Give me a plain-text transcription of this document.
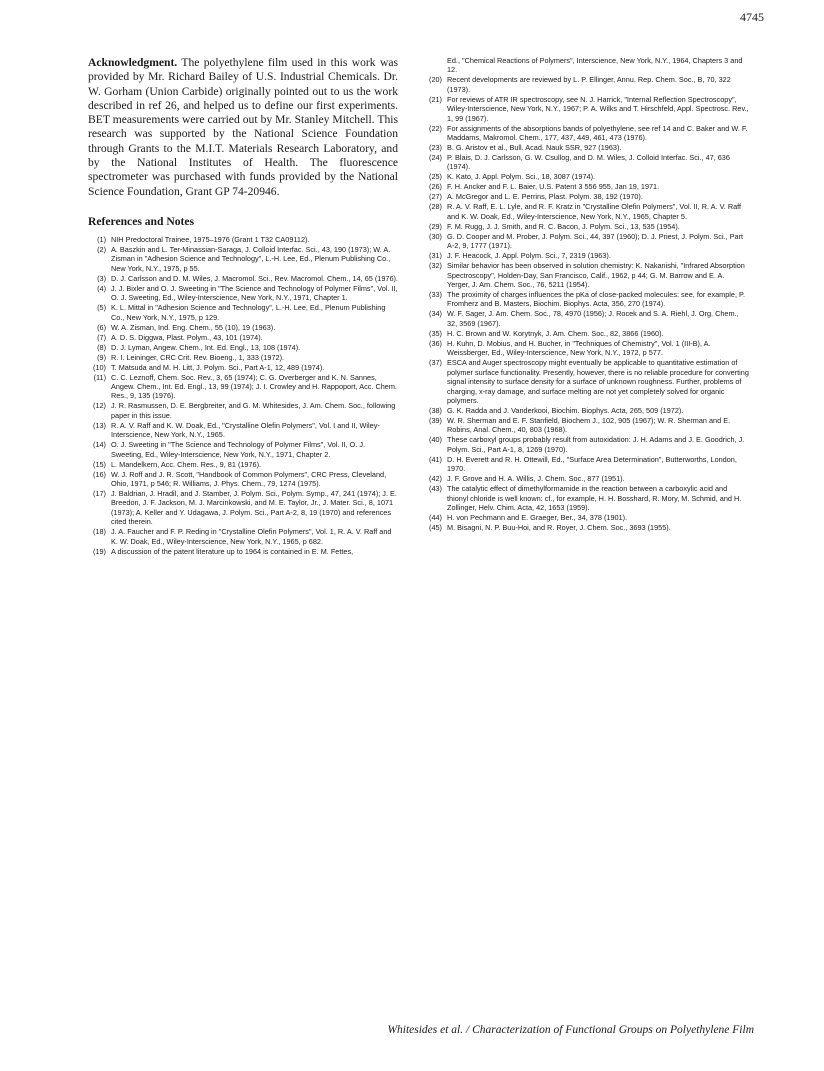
4745

Acknowledgment. The polyethylene film used in this work was provided by Mr. Richard Bailey of U.S. Industrial Chemicals. Dr. W. Gorham (Union Carbide) originally pointed out to us the work described in ref 26, and helped us to define our first experiments. BET measurements were carried out by Mr. Stanley Mitchell. This research was supported by the National Science Foundation through Grants to the M.I.T. Materials Research Laboratory, and by the National Institutes of Health. The fluorescence spectrometer was purchased with funds provided by the National Science Foundation, Grant GP 74-20946.

References and Notes
(1) NIH Predoctoral Trainee, 1975–1976 (Grant 1 T32 CA09112).
(2) A. Baszkin and L. Ter-Minassian-Saraga, J. Colloid Interfac. Sci., 43, 190 (1973); W. A. Zisman in "Adhesion Science and Technology", L.-H. Lee, Ed., Plenum Publishing Co., New York, N.Y., 1975, p 55.
(3) D. J. Carlsson and D. M. Wiles, J. Macromol. Sci., Rev. Macromol. Chem., 14, 65 (1976).
(4) J. J. Bixler and O. J. Sweeting in "The Science and Technology of Polymer Films", Vol. II, O. J. Sweeting, Ed., Wiley-Interscience, New York, N.Y., 1971, Chapter 1.
(5) K. L. Mittal in "Adhesion Science and Technology", L.-H. Lee, Ed., Plenum Publishing Co., New York, N.Y., 1975, p 129.
(6) W. A. Zisman, Ind. Eng. Chem., 55 (10), 19 (1963).
(7) A. D. S. Diggwa, Plast. Polym., 43, 101 (1974).
(8) D. J. Lyman, Angew. Chem., Int. Ed. Engl., 13, 108 (1974).
(9) R. I. Leininger, CRC Crit. Rev. Bioeng., 1, 333 (1972).
(10) T. Matsuda and M. H. Litt, J. Polym. Sci., Part A-1, 12, 489 (1974).
(11) C. C. Leznoff, Chem. Soc. Rev., 3, 65 (1974); C. G. Overberger and K. N. Sannes, Angew. Chem., Int. Ed. Engl., 13, 99 (1974); J. I. Crowley and H. Rappoport, Acc. Chem. Res., 9, 135 (1976).
(12) J. R. Rasmussen, D. E. Bergbreiter, and G. M. Whitesides, J. Am. Chem. Soc., following paper in this issue.
(13) R. A. V. Raff and K. W. Doak, Ed., "Crystalline Olefin Polymers", Vol. I and II, Wiley-Interscience, New York, N.Y., 1965.
(14) O. J. Sweeting in "The Science and Technology of Polymer Films", Vol. II, O. J. Sweeting, Ed., Wiley-Interscience, New York, N.Y., 1971, Chapter 2.
(15) L. Mandelkern, Acc. Chem. Res., 9, 81 (1976).
(16) W. J. Roff and J. R. Scott, "Handbook of Common Polymers", CRC Press, Cleveland, Ohio, 1971, p 546; R. Williams, J. Phys. Chem., 79, 1274 (1975).
(17) J. Baldrian, J. Hradil, and J. Stamber, J. Polym. Sci., Polym. Symp., 47, 241 (1974); J. E. Breedon, J. F. Jackson, M. J. Marcinkowski, and M. E. Taylor, Jr., J. Mater. Sci., 8, 1071 (1973); A. Keller and Y. Udagawa, J. Polym. Sci., Part A-2, 8, 19 (1970) and references cited therein.
(18) J. A. Faucher and F. P. Reding in "Crystalline Olefin Polymers", Vol. 1, R. A. V. Raff and K. W. Doak, Ed., Wiley-Interscience, New York, N.Y., 1965, p 682.
(19) A discussion of the patent literature up to 1964 is contained in E. M. Fettes,
Ed., "Chemical Reactions of Polymers", Interscience, New York, N.Y., 1964, Chapters 3 and 12.
(20) Recent developments are reviewed by L. P. Ellinger, Annu. Rep. Chem. Soc., B, 70, 322 (1973).
(21) For reviews of ATR IR spectroscopy, see N. J. Harrick, "Internal Reflection Spectroscopy", Wiley-Interscience, New York, N.Y., 1967; P. A. Wilks and T. Hirschfeld, Appl. Spectrosc. Rev., 1, 99 (1967).
(22) For assignments of the absorptions bands of polyethylene, see ref 14 and C. Baker and W. F. Maddams, Makromol. Chem., 177, 437, 449, 461, 473 (1976).
(23) B. G. Aristov et al., Bull. Acad. Nauk SSR, 927 (1963).
(24) P. Blais, D. J. Carlsson, G. W. Csullog, and D. M. Wiles, J. Colloid Interfac. Sci., 47, 636 (1974).
(25) K. Kato, J. Appl. Polym. Sci., 18, 3087 (1974).
(26) F. H. Ancker and F. L. Baier, U.S. Patent 3 556 955, Jan 19, 1971.
(27) A. McGregor and L. E. Perrins, Plast. Polym. 38, 192 (1970).
(28) R. A. V. Raff, E. L. Lyle, and R. F. Kratz in "Crystalline Olefin Polymers", Vol. II, R. A. V. Raff and K. W. Doak, Ed., Wiley-Interscience, New York, N.Y., 1965, Chapter 5.
(29) F. M. Rugg, J. J. Smith, and R. C. Bacon, J. Polym. Sci., 13, 535 (1954).
(30) G. D. Cooper and M. Prober, J. Polym. Sci., 44, 397 (1960); D. J. Priest, J. Polym. Sci., Part A-2, 9, 1777 (1971).
(31) J. F. Heacock, J. Appl. Polym. Sci., 7, 2319 (1963).
(32) Similar behavior has been observed in solution chemistry: K. Nakanishi, "Infrared Absorption Spectroscopy", Holden-Day, San Francisco, Calif., 1962, p 44; G. M. Barrow and E. A. Yerger, J. Am. Chem. Soc., 76, 5211 (1954).
(33) The proximity of charges influences the pKa of close-packed molecules: see, for example, P. Fromherz and B. Masters, Biochim. Biophys. Acta, 356, 270 (1974).
(34) W. F. Sager, J. Am. Chem. Soc., 78, 4970 (1956); J. Rocek and S. A. Riehl, J. Org. Chem., 32, 3569 (1967).
(35) H. C. Brown and W. Korytnyk, J. Am. Chem. Soc., 82, 3866 (1960).
(36) H. Kuhn, D. Mobius, and H. Bucher, in "Techniques of Chemistry", Vol. 1 (III-B), A. Weissberger, Ed., Wiley-Interscience, New York, N.Y., 1972, p 577.
(37) ESCA and Auger spectroscopy might eventually be applicable to quantitative estimation of polymer surface functionality. Presently, however, there is no reliable procedure for converting signal intensity to surface density for a surface of unknown roughness. Further, problems of charging, x-ray damage, and surface melting are not yet completely solved for organic polymers.
(38) G. K. Radda and J. Vanderkooi, Biochim. Biophys. Acta, 265, 509 (1972).
(39) W. R. Sherman and E. F. Stanfield, Biochem J., 102, 905 (1967); W. R. Sherman and E. Robins, Anal. Chem., 40, 803 (1968).
(40) These carboxyl groups probably result from autoxidation: J. H. Adams and J. E. Goodrich, J. Polym. Sci., Part A-1, 8, 1269 (1970).
(41) D. H. Everett and R. H. Ottewill, Ed., "Surface Area Determination", Butterworths, London, 1970.
(42) J. F. Grove and H. A. Willis, J. Chem. Soc., 877 (1951).
(43) The catalytic effect of dimethylformamide in the reaction between a carboxylic acid and thionyl chloride is well known: cf., for example, H. H. Bosshard, R. Mory, M. Schmid, and H. Zollinger, Helv. Chim. Acta, 42, 1653 (1959).
(44) H. von Pechmann and E. Graeger, Ber., 34, 378 (1901).
(45) M. Bisagni, N. P. Buu-Hoi, and R. Royer, J. Chem. Soc., 3693 (1955).
Whitesides et al. / Characterization of Functional Groups on Polyethylene Film
